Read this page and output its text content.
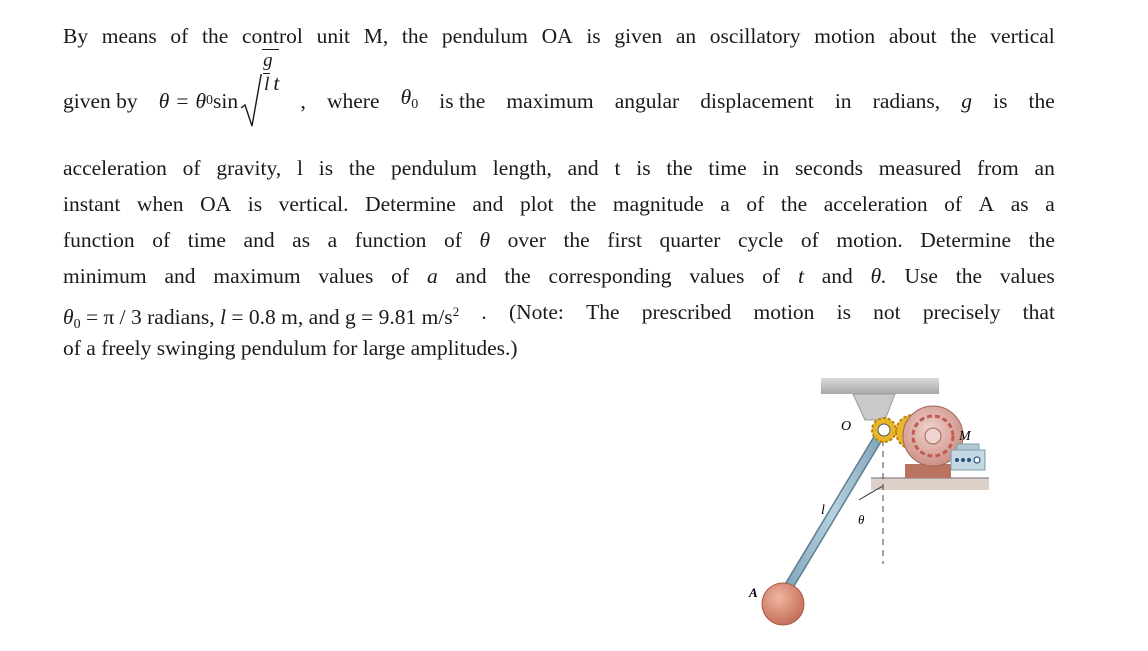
By means of the control unit M, the pendulum OA is given an oscillatory motion about the vertical
given by θ = θ 0 sin
g
l t
, where $\theta_0$ is the maximum angular displacement in radians, g is the
acceleration of gravity, l is the pendulum length, and t is the time in seconds measured from an
instant when OA is vertical. Determine and plot the magnitude a of the acceleration of A as a
function of time and as a function of θ over the first quarter cycle of motion. Determine the
minimum and maximum values of a and the corresponding values of t and θ. Use the values
$\theta_0 = \pi / 3$ radians, l = 0.8 m, and g = 9.81 $m/s^2$ . (Note: The prescribed motion is not precisely that
of a freely swinging pendulum for large amplitudes.)
O
M
l
θ
A
